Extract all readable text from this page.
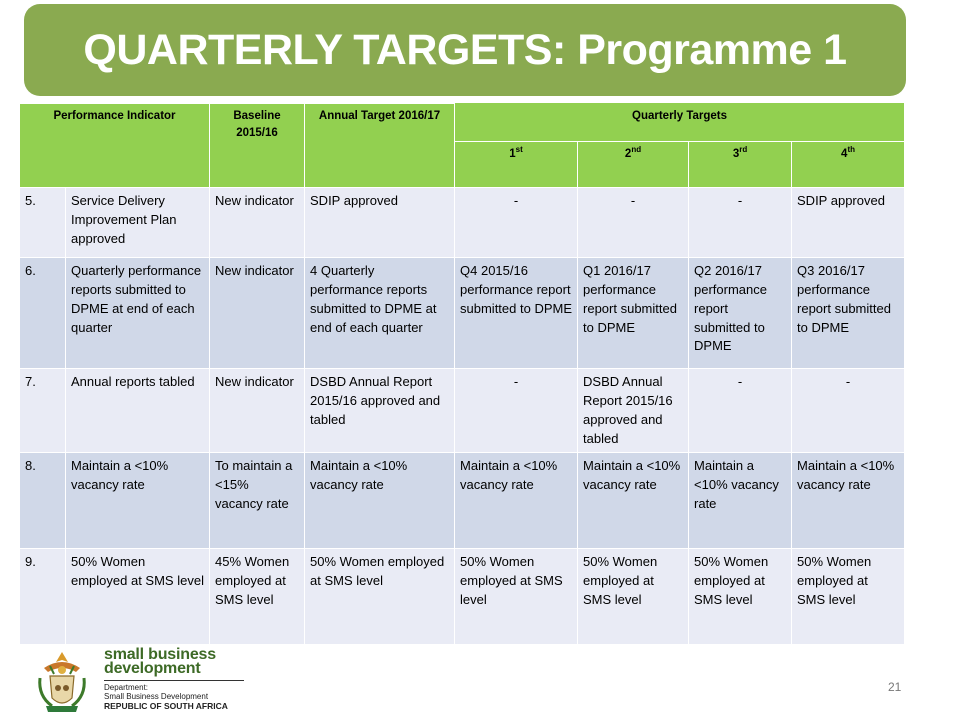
QUARTERLY TARGETS: Programme 1
Performance Indicator		Baseline 2015/16	Annual Target 2016/17	Quarterly Targets			
				1st	2nd	3rd	4th
5.	Service Delivery Improvement Plan approved	New indicator	SDIP approved	-	-	-	SDIP approved
6.	Quarterly performance reports submitted to DPME at end of each quarter	New indicator	4 Quarterly performance reports submitted to DPME at end of each quarter	Q4 2015/16 performance report submitted to DPME	Q1 2016/17 performance report submitted to DPME	Q2 2016/17 performance report submitted to DPME	Q3 2016/17 performance report submitted to DPME
7.	Annual reports tabled	New indicator	DSBD Annual Report 2015/16 approved and tabled	-	DSBD Annual Report 2015/16 approved and tabled	-	-
8.	Maintain a <10% vacancy rate	To maintain a <15% vacancy rate	Maintain a <10% vacancy rate	Maintain a <10% vacancy rate	Maintain a <10% vacancy rate	Maintain a <10% vacancy rate	Maintain a <10% vacancy rate
9.	50% Women employed at SMS level	45% Women employed at SMS level	50% Women employed at SMS level	50% Women employed at SMS level	50% Women employed at SMS level	50% Women employed at SMS level	50% Women employed at SMS level
small business
development
Department:
Small Business Development
REPUBLIC OF SOUTH AFRICA
21
